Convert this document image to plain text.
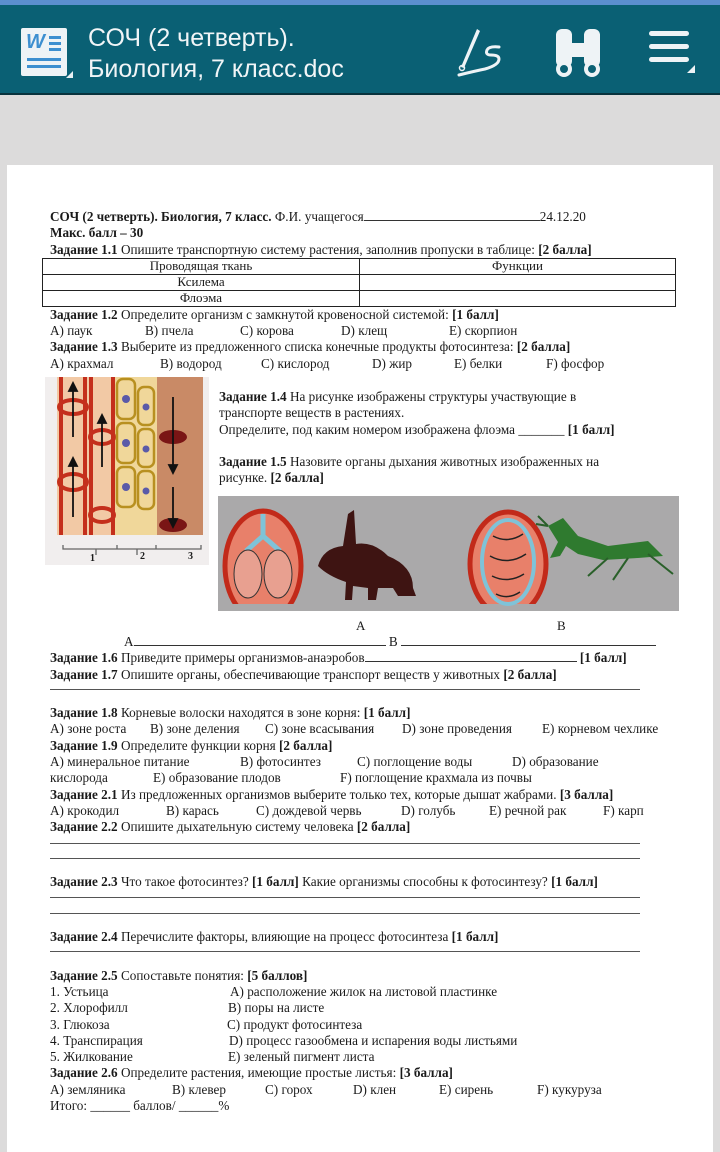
W СОЧ (2 четверть).
Биология, 7 класс.doc
СОЧ (2 четверть). Биология, 7 класс. Ф.И. учащегося	24.12.20
Макс. балл – 30
Задание 1.1 Опишите транспортную систему растения, заполнив пропуски в таблице: [2 балла]
Проводящая ткань	Функции
Ксилема	
Флоэма	
Задание 1.2 Определите организм с замкнутой кровеносной системой: [1 балл]
А) паук	В) пчела	С) корова	D) клещ	Е) скорпион
Задание 1.3 Выберите из предложенного списка конечные продукты фотосинтеза: [2 балла]
А) крахмал	В) водород	С) кислород	D) жир	Е) белки	F) фосфор
1	2	3
Задание 1.4 На рисунке изображены структуры участвующие в
транспорте веществ в растениях.
Определите, под каким номером изображена флоэма _______ [1 балл]
Задание 1.5 Назовите органы дыхания животных изображенных на
рисунке. [2 балла]
А	В
А	В
Задание 1.6 Приведите примеры организмов-анаэробов	[1 балл]
Задание 1.7 Опишите органы, обеспечивающие транспорт веществ у животных [2 балла]
Задание 1.8 Корневые волоски находятся в зоне корня: [1 балл]
А) зоне роста	В) зоне деления	С) зоне всасывания	D) зоне проведения	Е) корневом чехлике
Задание 1.9 Определите функции корня [2 балла]
А) минеральное питание	В) фотосинтез	С) поглощение воды	D) образование
кислорода	Е) образование плодов	F) поглощение крахмала из почвы
Задание 2.1 Из предложенных организмов выберите только тех, которые дышат жабрами. [3 балла]
А) крокодил	В) карась	С) дождевой червь	D) голубь	Е) речной рак	F) карп
Задание 2.2 Опишите дыхательную систему человека [2 балла]
Задание 2.3 Что такое фотосинтез? [1 балл] Какие организмы способны к фотосинтезу? [1 балл]
Задание 2.4 Перечислите факторы, влияющие на процесс фотосинтеза [1 балл]
Задание 2.5 Сопоставьте понятия: [5 баллов]
1. Устьица	А) расположение жилок на листовой пластинке
2. Хлорофилл	В) поры на листе
3. Глюкоза	С) продукт фотосинтеза
4. Транспирация	D) процесс газообмена и испарения воды листьями
5. Жилкование	Е) зеленый пигмент листа
Задание 2.6 Определите растения, имеющие простые листья: [3 балла]
А) земляника	В) клевер	С) горох	D) клен	Е) сирень	F) кукуруза
Итого: ______ баллов/ ______%
